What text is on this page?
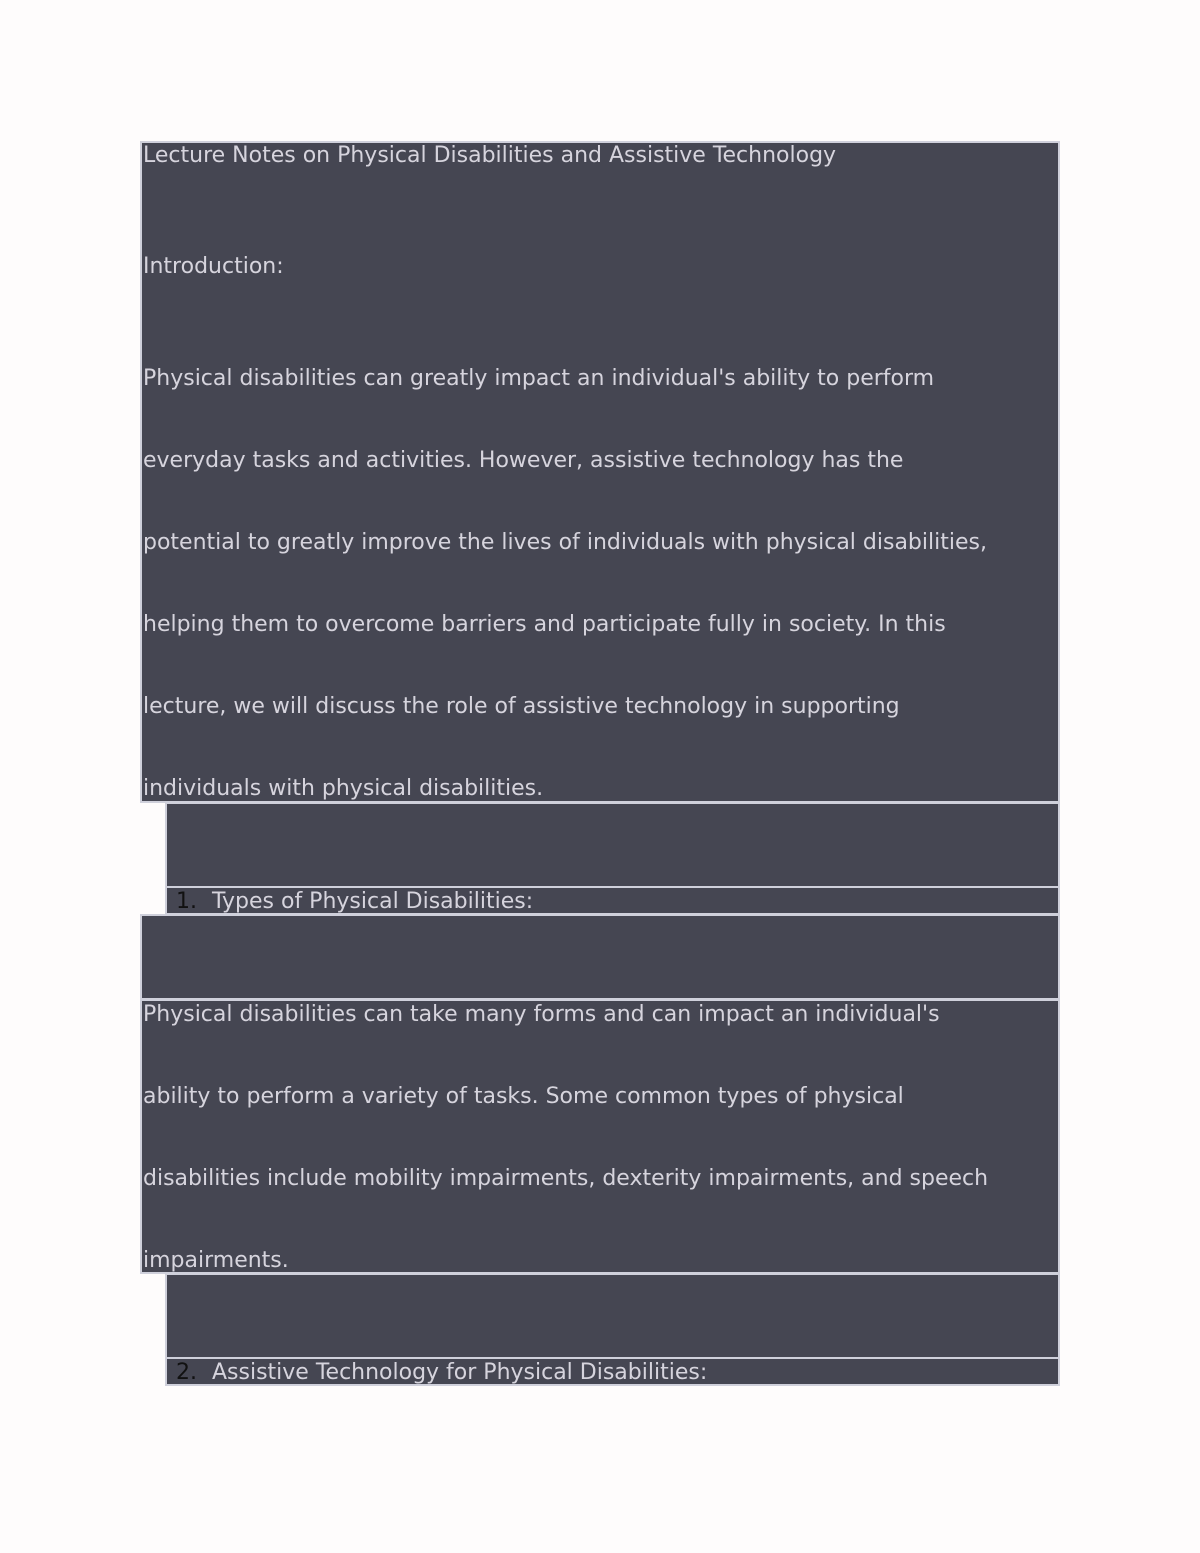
Lecture Notes on Physical Disabilities and Assistive Technology
Introduction:
Physical disabilities can greatly impact an individual's ability to perform
everyday tasks and activities. However, assistive technology has the
potential to greatly improve the lives of individuals with physical disabilities,
helping them to overcome barriers and participate fully in society. In this
lecture, we will discuss the role of assistive technology in supporting
individuals with physical disabilities.
1. Types of Physical Disabilities:
Physical disabilities can take many forms and can impact an individual's
ability to perform a variety of tasks. Some common types of physical
disabilities include mobility impairments, dexterity impairments, and speech
impairments.
2. Assistive Technology for Physical Disabilities:
